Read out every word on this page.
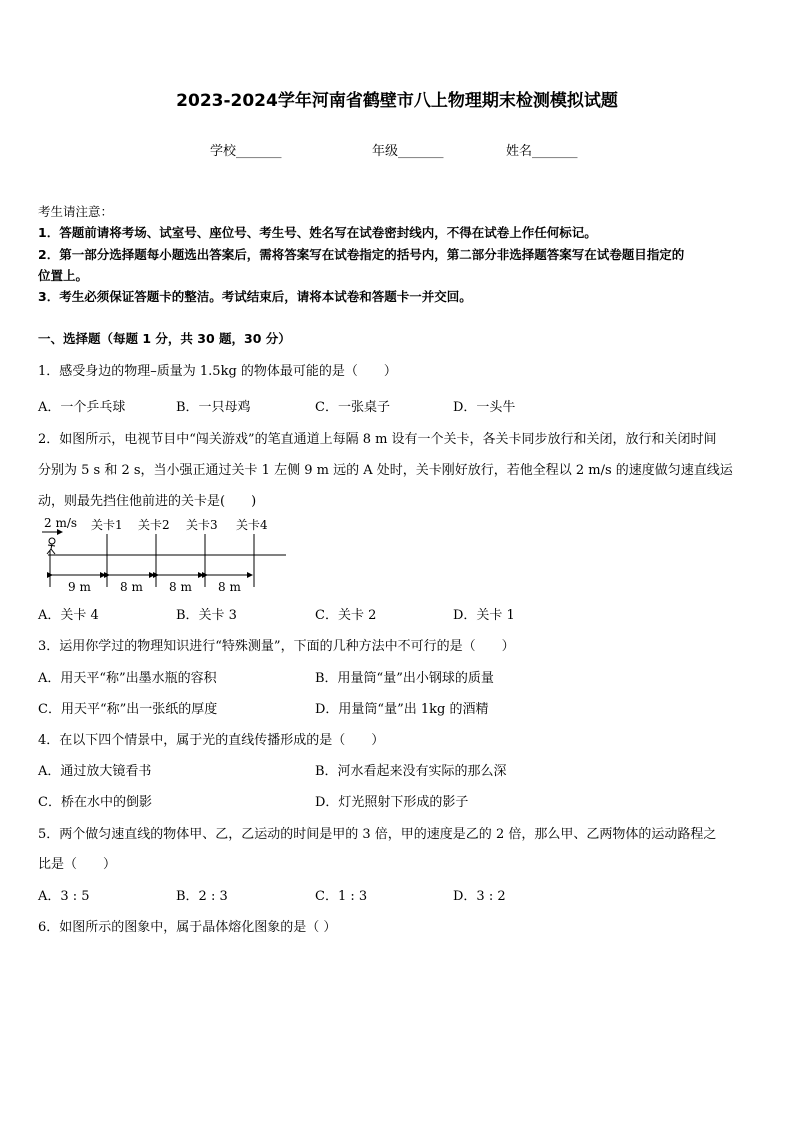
2023-2024学年河南省鹤壁市八上物理期末检测模拟试题
学校_______	年级_______	姓名_______
考生请注意：
1．答题前请将考场、试室号、座位号、考生号、姓名写在试卷密封线内，不得在试卷上作任何标记。
2．第一部分选择题每小题选出答案后，需将答案写在试卷指定的括号内，第二部分非选择题答案写在试卷题目指定的
位置上。
3．考生必须保证答题卡的整洁。考试结束后，请将本试卷和答题卡一并交回。
一、选择题（每题 1 分，共 30 题，30 分）
1．感受身边的物理–质量为 1.5kg 的物体最可能的是（　　）
A．一个乒乓球	B．一只母鸡	C．一张桌子	D．一头牛
2．如图所示，电视节目中“闯关游戏”的笔直通道上每隔 8 m 设有一个关卡，各关卡同步放行和关闭，放行和关闭时间
分别为 5 s 和 2 s，当小强正通过关卡 1 左侧 9 m 远的 A 处时，关卡刚好放行，若他全程以 2 m/s 的速度做匀速直线运
动，则最先挡住他前进的关卡是(　　)
2 m/s 关卡1 关卡2 关卡3 关卡4
9 m 8 m 8 m 8 m
A．关卡 4	B．关卡 3	C．关卡 2	D．关卡 1
3．运用你学过的物理知识进行“特殊测量”，下面的几种方法中不可行的是（　　）
A．用天平“称”出墨水瓶的容积	B．用量筒“量”出小钢球的质量
C．用天平“称”出一张纸的厚度	D．用量筒“量”出 1kg 的酒精
4．在以下四个情景中，属于光的直线传播形成的是（　　）
A．通过放大镜看书	B．河水看起来没有实际的那么深
C．桥在水中的倒影	D．灯光照射下形成的影子
5．两个做匀速直线的物体甲、乙，乙运动的时间是甲的 3 倍，甲的速度是乙的 2 倍，那么甲、乙两物体的运动路程之
比是（　　）
A．3 : 5	B．2 : 3	C．1 : 3	D．3 : 2
6．如图所示的图象中，属于晶体熔化图象的是（ ）
